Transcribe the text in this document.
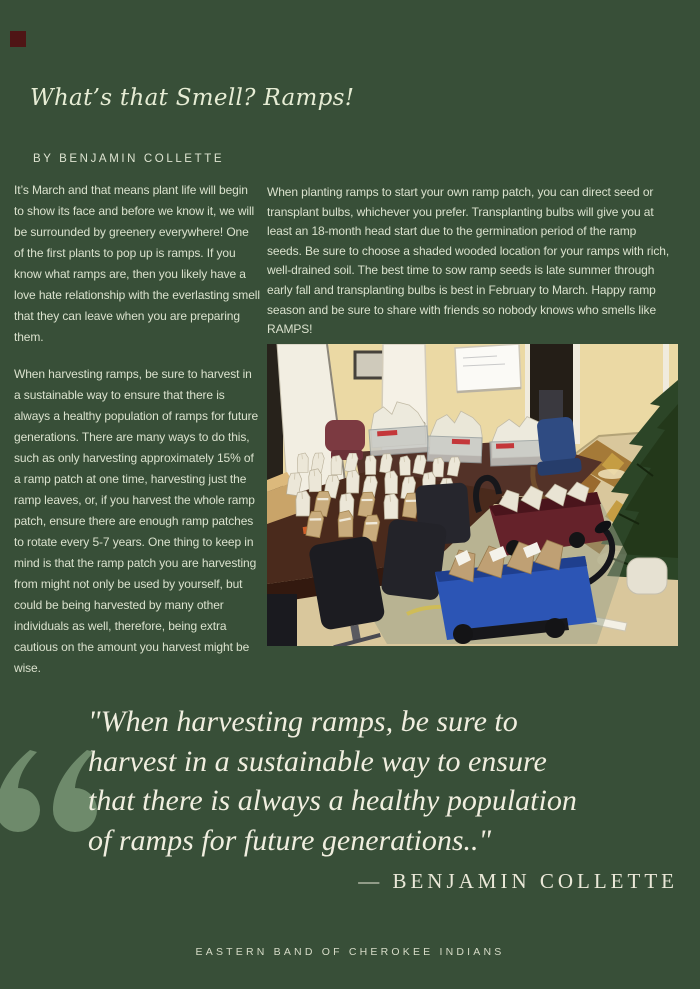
What’s that Smell? Ramps!
BY BENJAMIN COLLETTE

It’s March and that means plant life will begin to show its face and before we know it, we will be surrounded by greenery everywhere! One of the first plants to pop up is ramps. If you know what ramps are, then you likely have a love hate relationship with the everlasting smell that they can leave when you are preparing them.

When harvesting ramps, be sure to harvest in a sustainable way to ensure that there is always a healthy population of ramps for future generations. There are many ways to do this, such as only harvesting approximately 15% of a ramp patch at one time, harvesting just the ramp leaves, or, if you harvest the whole ramp patch, ensure there are enough ramp patches to rotate every 5-7 years. One thing to keep in mind is that the ramp patch you are harvesting from might not only be used by yourself, but could be being harvested by many other individuals as well, therefore, being extra cautious on the amount you harvest might be wise.

When planting ramps to start your own ramp patch, you can direct seed or transplant bulbs, whichever you prefer. Transplanting bulbs will give you at least an 18-month head start due to the germination period of the ramp seeds. Be sure to choose a shaded wooded location for your ramps with rich, well-drained soil. The best time to sow ramp seeds is late summer through early fall and transplanting bulbs is best in February to March. Happy ramp season and be sure to share with friends so nobody knows who smells like RAMPS!

"When harvesting ramps, be sure to
harvest in a sustainable way to ensure
that there is always a healthy population
of ramps for future generations.."
— BENJAMIN COLLETTE
EASTERN BAND OF CHEROKEE INDIANS
